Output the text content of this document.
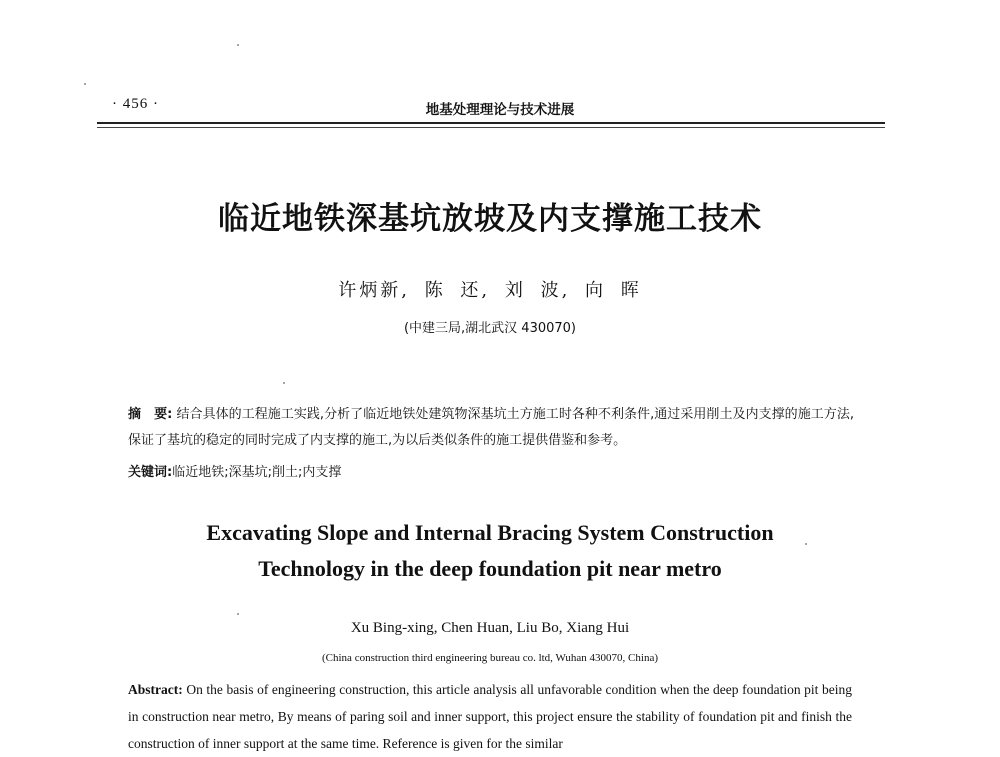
· 456 ·	地基处理理论与技术进展
临近地铁深基坑放坡及内支撑施工技术
许炳新, 陈 还, 刘 波, 向 晖
(中建三局,湖北武汉 430070)
摘　要: 结合具体的工程施工实践,分析了临近地铁处建筑物深基坑土方施工时各种不利条件,通过采用削土及内支撑的施工方法,保证了基坑的稳定的同时完成了内支撑的施工,为以后类似条件的施工提供借鉴和参考。
关键词:临近地铁;深基坑;削土;内支撑
Excavating Slope and Internal Bracing System Construction
Technology in the deep foundation pit near metro
Xu Bing-xing, Chen Huan, Liu Bo, Xiang Hui
(China construction third engineering bureau co. ltd, Wuhan 430070, China)
Abstract: On the basis of engineering construction, this article analysis all unfavorable condition when the deep foundation pit being in construction near metro, By means of paring soil and inner support, this project ensure the stability of foundation pit and finish the construction of inner support at the same time. Reference is given for the similar
